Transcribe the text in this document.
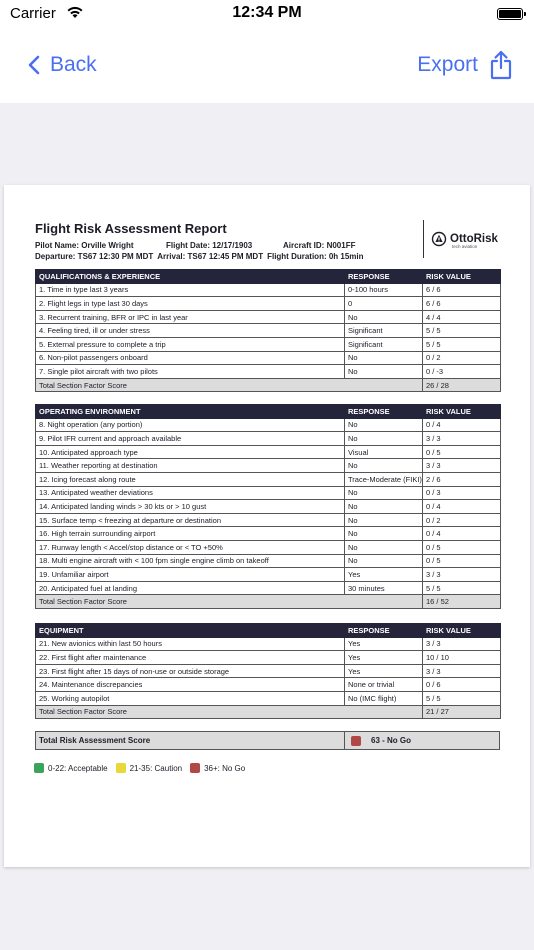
Carrier	12:34 PM
Back	Export
Flight Risk Assessment Report
Pilot Name: Orville Wright	Flight Date: 12/17/1903	Aircraft ID: N001FF
Departure: TS67 12:30 PM MDT Arrival: TS67 12:45 PM MDT Flight Duration: 0h 15min
OttoRisk
tech aviation
QUALIFICATIONS & EXPERIENCE	RESPONSE	RISK VALUE
1. Time in type last 3 years	0-100 hours	6 / 6
2. Flight legs in type last 30 days	0	6 / 6
3. Recurrent training, BFR or IPC in last year	No	4 / 4
4. Feeling tired, ill or under stress	Significant	5 / 5
5. External pressure to complete a trip	Significant	5 / 5
6. Non-pilot passengers onboard	No	0 / 2
7. Single pilot aircraft with two pilots	No	0 / -3
Total Section Factor Score		26 / 28
OPERATING ENVIRONMENT	RESPONSE	RISK VALUE
8. Night operation (any portion)	No	0 / 4
9. Pilot IFR current and approach available	No	3 / 3
10. Anticipated approach type	Visual	0 / 5
11. Weather reporting at destination	No	3 / 3
12. Icing forecast along route	Trace-Moderate (FIKI)	2 / 6
13. Anticipated weather deviations	No	0 / 3
14. Anticipated landing winds > 30 kts or > 10 gust	No	0 / 4
15. Surface temp < freezing at departure or destination	No	0 / 2
16. High terrain surrounding airport	No	0 / 4
17. Runway length < Accel/stop distance or < TO +50%	No	0 / 5
18. Multi engine aircraft with < 100 fpm single engine climb on takeoff	No	0 / 5
19. Unfamiliar airport	Yes	3 / 3
20. Anticipated fuel at landing	30 minutes	5 / 5
Total Section Factor Score		16 / 52
EQUIPMENT	RESPONSE	RISK VALUE
21. New avionics within last 50 hours	Yes	3 / 3
22. First flight after maintenance	Yes	10 / 10
23. First flight after 15 days of non-use or outside storage	Yes	3 / 3
24. Maintenance discrepancies	None or trivial	0 / 6
25. Working autopilot	No (IMC flight)	5 / 5
Total Section Factor Score		21 / 27
Total Risk Assessment Score	63 - No Go
0-22: Acceptable	21-35: Caution	36+: No Go
